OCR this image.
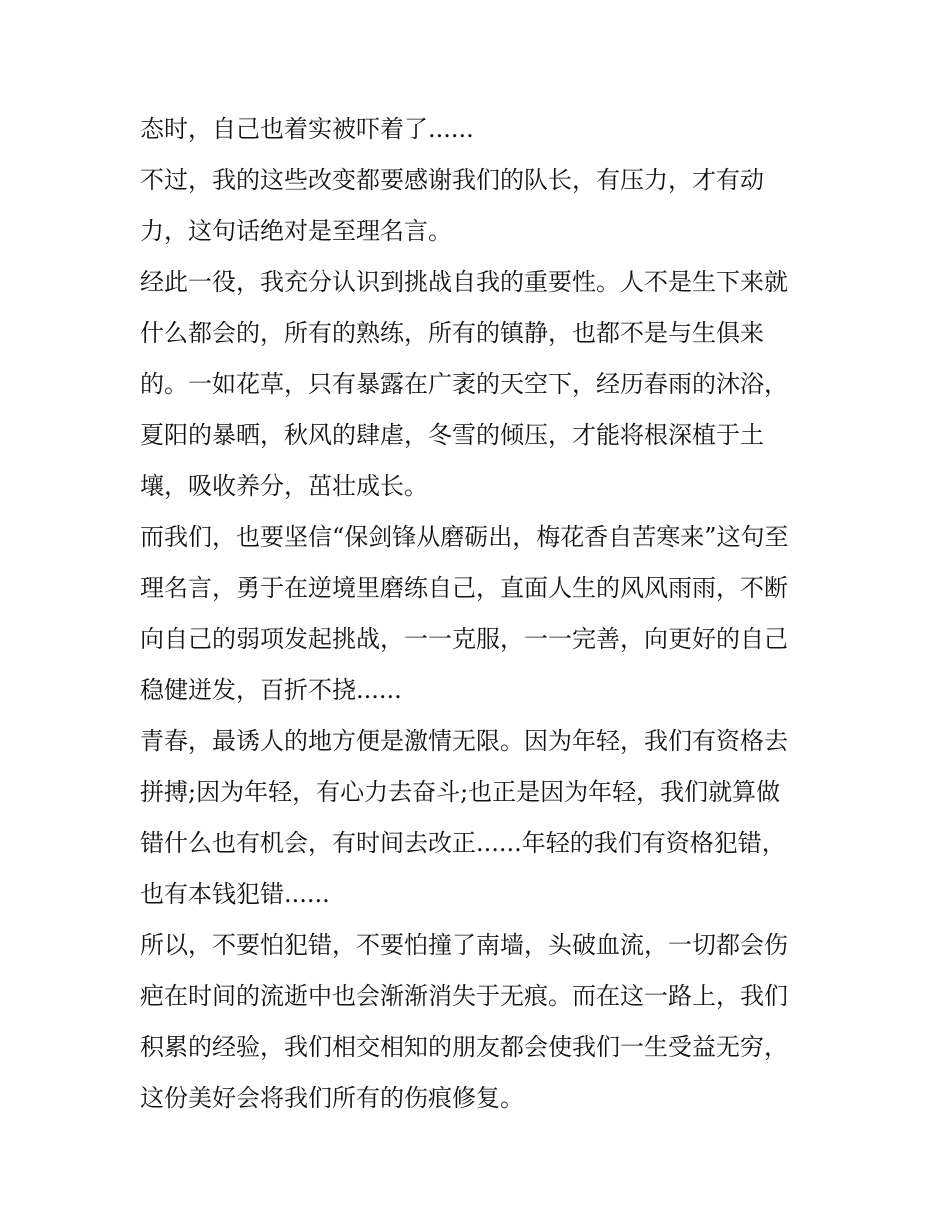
态时，自己也着实被吓着了......
不过，我的这些改变都要感谢我们的队长，有压力，才有动
力，这句话绝对是至理名言。
经此一役，我充分认识到挑战自我的重要性。人不是生下来就
什么都会的，所有的熟练，所有的镇静，也都不是与生俱来
的。一如花草，只有暴露在广袤的天空下，经历春雨的沐浴，
夏阳的暴晒，秋风的肆虐，冬雪的倾压，才能将根深植于土
壤，吸收养分，茁壮成长。
而我们，也要坚信“保剑锋从磨砺出，梅花香自苦寒来”这句至
理名言，勇于在逆境里磨练自己，直面人生的风风雨雨，不断
向自己的弱项发起挑战，一一克服，一一完善，向更好的自己
稳健迸发，百折不挠......
青春，最诱人的地方便是激情无限。因为年轻，我们有资格去
拼搏;因为年轻，有心力去奋斗;也正是因为年轻，我们就算做
错什么也有机会，有时间去改正......年轻的我们有资格犯错，
也有本钱犯错......
所以，不要怕犯错，不要怕撞了南墙，头破血流，一切都会伤
疤在时间的流逝中也会渐渐消失于无痕。而在这一路上，我们
积累的经验，我们相交相知的朋友都会使我们一生受益无穷，
这份美好会将我们所有的伤痕修复。
